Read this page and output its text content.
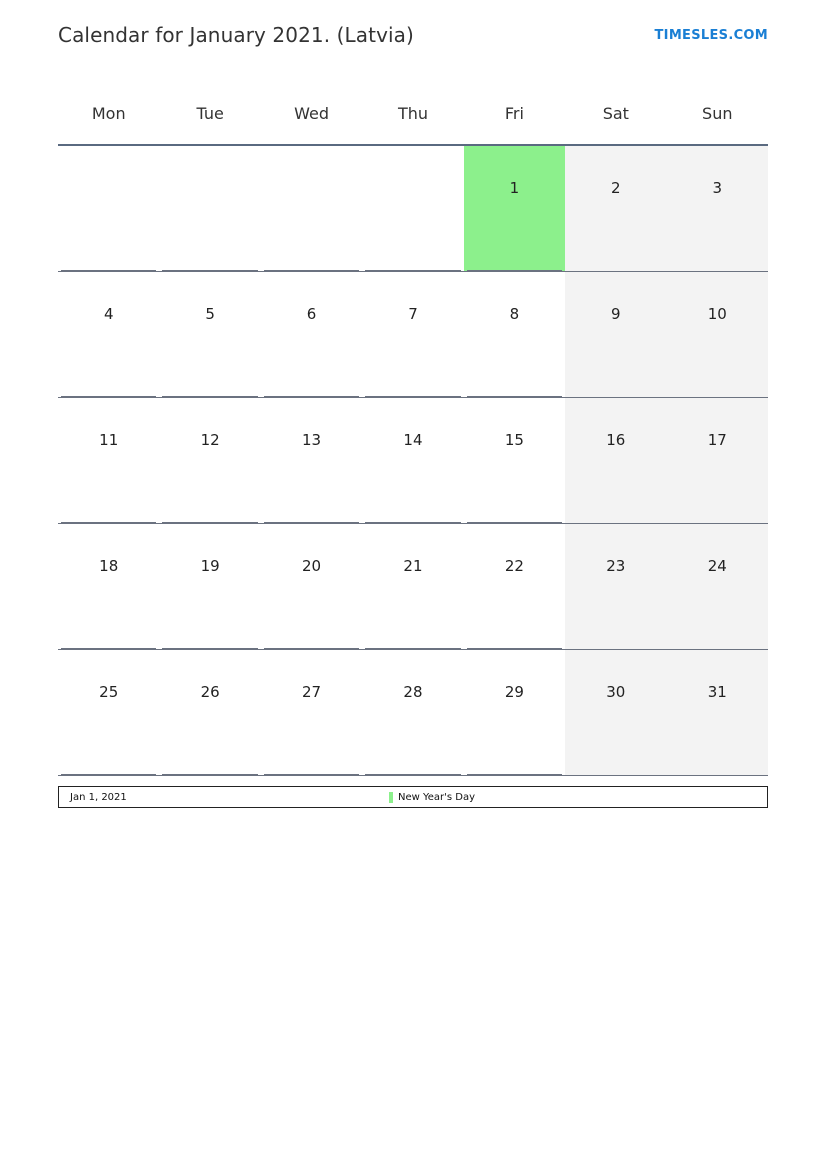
Calendar for January 2021. (Latvia)	TIMESLES.COM
Mon	Tue	Wed	Thu	Fri	Sat	Sun

				1	2	3

4	5	6	7	8	9	10

11	12	13	14	15	16	17

18	19	20	21	22	23	24

25	26	27	28	29	30	31
Jan 1, 2021	New Year's Day
